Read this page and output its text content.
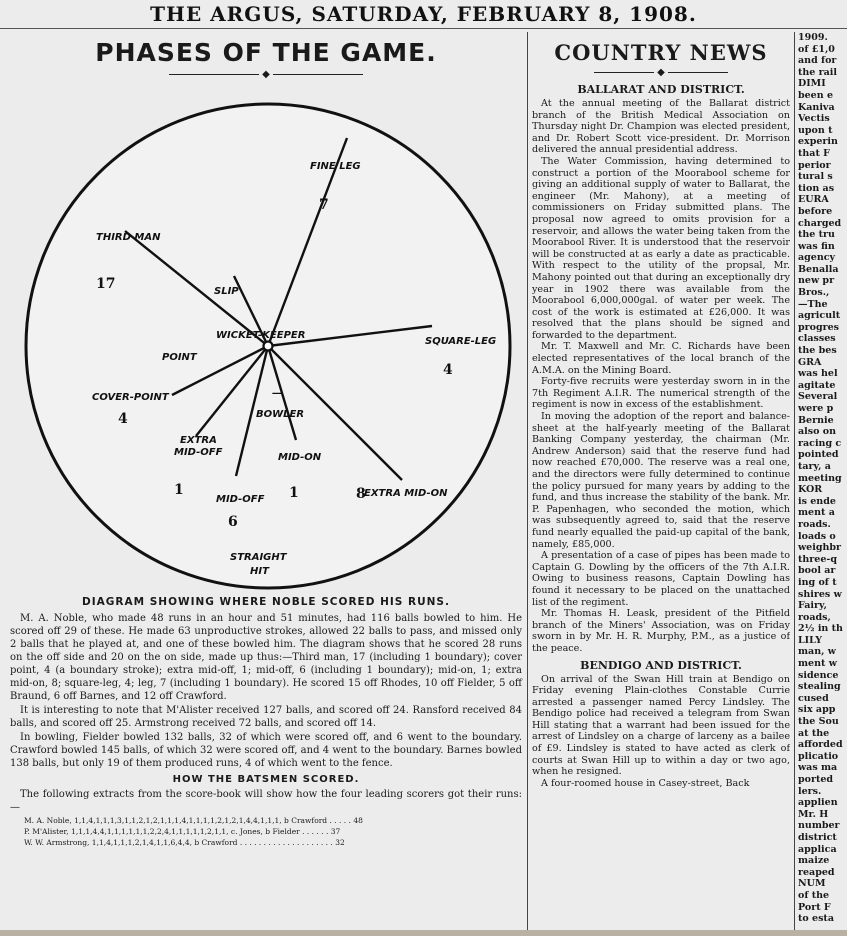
THE ARGUS, SATURDAY, FEBRUARY 8, 1908.
PHASES OF THE GAME.
◆
—
FINE LEG
7
THIRD MAN
17	SLIP
WICKET-KEEPER
POINT
SQUARE-LEG
4
COVER-POINT
4	BOWLER
EXTRA
MID-OFF
1
MID-ON
1
MID-OFF
6
EXTRA MID-ON
8
STRAIGHT
HIT
DIAGRAM SHOWING WHERE NOBLE SCORED HIS RUNS.

M. A. Noble, who made 48 runs in an hour and 51 minutes, had 116 balls bowled to him. He scored off 29 of these. He made 63 unproductive strokes, allowed 22 balls to pass, and missed only 2 balls that he played at, and one of these bowled him. The diagram shows that he scored 28 runs on the off side and 20 on the on side, made up thus:—Third man, 17 (including 1 boundary); cover point, 4 (a boundary stroke); extra mid-off, 1; mid-off, 6 (including 1 boundary); mid-on, 1; extra mid-on, 8; square-leg, 4; leg, 7 (including 1 boundary). He scored 15 off Rhodes, 10 off Fielder, 5 off Braund, 6 off Barnes, and 12 off Crawford.

It is interesting to note that M'Alister received 127 balls, and scored off 24. Ransford received 84 balls, and scored off 25. Armstrong received 72 balls, and scored off 14.

In bowling, Fielder bowled 132 balls, 32 of which were scored off, and 6 went to the boundary. Crawford bowled 145 balls, of which 32 were scored off, and 4 went to the boundary. Barnes bowled 138 balls, but only 19 of them produced runs, 4 of which went to the fence.

HOW THE BATSMEN SCORED.

The following extracts from the score-book will show how the four leading scorers got their runs:—

M. A. Noble, 1,1,4,1,1,1,3,1,1,2,1,2,1,1,1,4,1,1,1,1,2,1,2,1,4,4,1,1,1, b Crawford . . . . . 48
P. M'Alister, 1,1,1,4,4,1,1,1,1,1,1,2,2,4,1,1,1,1,1,2,1,1, c. Jones, b Fielder . . . . . . 37
W. W. Armstrong, 1,1,4,1,1,1,2,1,4,1,1,6,4,4, b Crawford . . . . . . . . . . . . . . . . . . . . 32
COUNTRY NEWS
◆
BALLARAT AND DISTRICT.

At the annual meeting of the Ballarat district branch of the British Medical Association on Thursday night Dr. Champion was elected president, and Dr. Robert Scott vice-president. Dr. Morrison delivered the annual presidential address.

The Water Commission, having determined to construct a portion of the Moorabool scheme for giving an additional supply of water to Ballarat, the engineer (Mr. Mahony), at a meeting of commissioners on Friday submitted plans. The proposal now agreed to omits provision for a reservoir, and allows the water being taken from the Moorabool River. It is understood that the reservoir will be constructed at as early a date as practicable. With respect to the utility of the propsal, Mr. Mahony pointed out that during an exceptionally dry year in 1902 there was available from the Moorabool 6,000,000gal. of water per week. The cost of the work is estimated at £26,000. It was resolved that the plans should be signed and forwarded to the department.

Mr. T. Maxwell and Mr. C. Richards have been elected representatives of the local branch of the A.M.A. on the Mining Board.

Forty-five recruits were yesterday sworn in in the 7th Regiment A.I.R. The numerical strength of the regiment is now in excess of the establishment.

In moving the adoption of the report and balance-sheet at the half-yearly meeting of the Ballarat Banking Company yesterday, the chairman (Mr. Andrew Anderson) said that the reserve fund had now reached £70,000. The reserve was a real one, and the directors were fully determined to continue the policy pursued for many years by adding to the fund, and thus increase the stability of the bank. Mr. P. Papenhagen, who seconded the motion, which was subsequently agreed to, said that the reserve fund nearly equalled the paid-up capital of the bank, namely, £85,000.

A presentation of a case of pipes has been made to Captain G. Dowling by the officers of the 7th A.I.R. Owing to business reasons, Captain Dowling has found it necessary to be placed on the unattached list of the regiment.

Mr. Thomas H. Leask, president of the Pitfield branch of the Miners' Association, was on Friday sworn in by Mr. H. R. Murphy, P.M., as a justice of the peace.

BENDIGO AND DISTRICT.

On arrival of the Swan Hill train at Bendigo on Friday evening Plain-clothes Constable Currie arrested a passenger named Percy Lindsley. The Bendigo police had received a telegram from Swan Hill stating that a warrant had been issued for the arrest of Lindsley on a charge of larceny as a bailee of £9. Lindsley is stated to have acted as clerk of courts at Swan Hill up to within a day or two ago, when he resigned.

A four-roomed house in Casey-street, Back

1909.
of £1,0
and for
the rail
DIMI
been e
Kaniva
Vectis
upon t
experin
that F
perior
tural s
tion as
EURA
before
charged
the tru
was fin
agency
Benalla
new pr
Bros.,
—The
agricult
progres
classes
the bes
GRA
was hel
agitate
Several
were p
Bernie
also on
racing c
pointed
tary, a
meeting
KOR
is ende
ment a
roads.
loads o
weighbr
three-q
bool ar
ing of t
shires w
Fairy,
roads,
2½ in th
LILY
man, w
ment w
sidence
stealing
cused
six app
the Sou
at the
afforded
plicatio
was ma
ported
lers.
applien
Mr. H
number
district
applica
maize
reaped
NUM
of the
Port F
to esta
